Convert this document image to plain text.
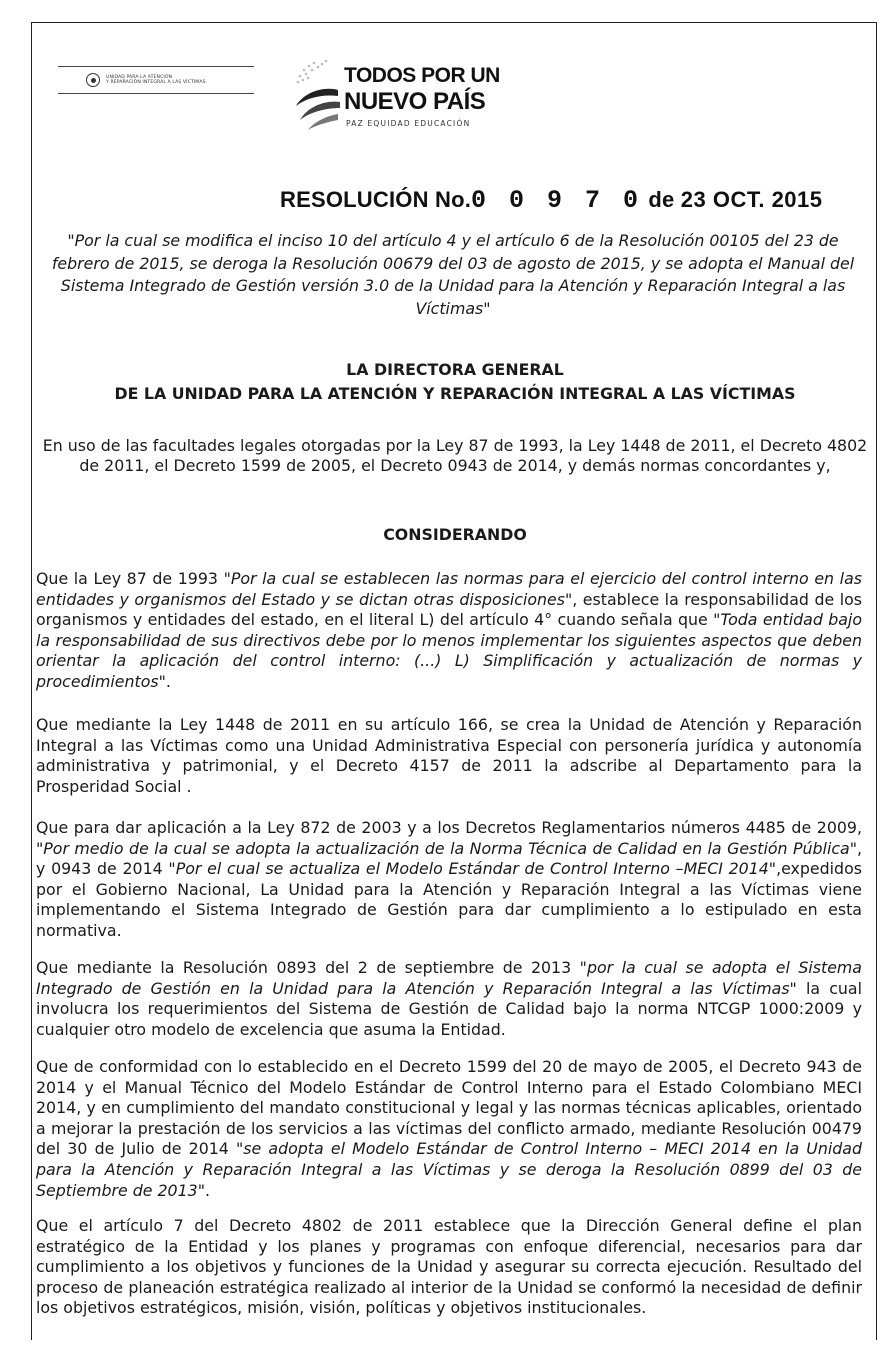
UNIDAD PARA LA ATENCIÓN
Y REPARACIÓN INTEGRAL A LAS VÍCTIMAS	TODOS POR UN
NUEVO PAÍS
PAZ EQUIDAD EDUCACIÓN
RESOLUCIÓN No.0 0 9 7 0 de 23 OCT. 2015
"Por la cual se modifica el inciso 10 del artículo 4 y el artículo 6 de la Resolución 00105 del 23 de febrero de 2015, se deroga la Resolución 00679 del 03 de agosto de 2015, y se adopta el Manual del Sistema Integrado de Gestión versión 3.0 de la Unidad para la Atención y Reparación Integral a las Víctimas"
LA DIRECTORA GENERAL
DE LA UNIDAD PARA LA ATENCIÓN Y REPARACIÓN INTEGRAL A LAS VÍCTIMAS
En uso de las facultades legales otorgadas por la Ley 87 de 1993, la Ley 1448 de 2011, el Decreto 4802 de 2011, el Decreto 1599 de 2005, el Decreto 0943 de 2014, y demás normas concordantes y,
CONSIDERANDO
Que la Ley 87 de 1993 "Por la cual se establecen las normas para el ejercicio del control interno en las entidades y organismos del Estado y se dictan otras disposiciones", establece la responsabilidad de los organismos y entidades del estado, en el literal L) del artículo 4° cuando señala que "Toda entidad bajo la responsabilidad de sus directivos debe por lo menos implementar los siguientes aspectos que deben orientar la aplicación del control interno: (...) L) Simplificación y actualización de normas y procedimientos".
Que mediante la Ley 1448 de 2011 en su artículo 166, se crea la Unidad de Atención y Reparación Integral a las Víctimas como una Unidad Administrativa Especial con personería jurídica y autonomía administrativa y patrimonial, y el Decreto 4157 de 2011 la adscribe al Departamento para la Prosperidad Social .
Que para dar aplicación a la Ley 872 de 2003 y a los Decretos Reglamentarios números 4485 de 2009, "Por medio de la cual se adopta la actualización de la Norma Técnica de Calidad en la Gestión Pública", y 0943 de 2014 "Por el cual se actualiza el Modelo Estándar de Control Interno –MECI 2014",expedidos por el Gobierno Nacional, La Unidad para la Atención y Reparación Integral a las Víctimas viene implementando el Sistema Integrado de Gestión para dar cumplimiento a lo estipulado en esta normativa.
Que mediante la Resolución 0893 del 2 de septiembre de 2013 "por la cual se adopta el Sistema Integrado de Gestión en la Unidad para la Atención y Reparación Integral a las Víctimas" la cual involucra los requerimientos del Sistema de Gestión de Calidad bajo la norma NTCGP 1000:2009 y cualquier otro modelo de excelencia que asuma la Entidad.
Que de conformidad con lo establecido en el Decreto 1599 del 20 de mayo de 2005, el Decreto 943 de 2014 y el Manual Técnico del Modelo Estándar de Control Interno para el Estado Colombiano MECI 2014, y en cumplimiento del mandato constitucional y legal y las normas técnicas aplicables, orientado a mejorar la prestación de los servicios a las víctimas del conflicto armado, mediante Resolución 00479 del 30 de Julio de 2014 "se adopta el Modelo Estándar de Control Interno – MECI 2014 en la Unidad para la Atención y Reparación Integral a las Víctimas y se deroga la Resolución 0899 del 03 de Septiembre de 2013".
Que el artículo 7 del Decreto 4802 de 2011 establece que la Dirección General define el plan estratégico de la Entidad y los planes y programas con enfoque diferencial, necesarios para dar cumplimiento a los objetivos y funciones de la Unidad y asegurar su correcta ejecución. Resultado del proceso de planeación estratégica realizado al interior de la Unidad se conformó la necesidad de definir los objetivos estratégicos, misión, visión, políticas y objetivos institucionales.
